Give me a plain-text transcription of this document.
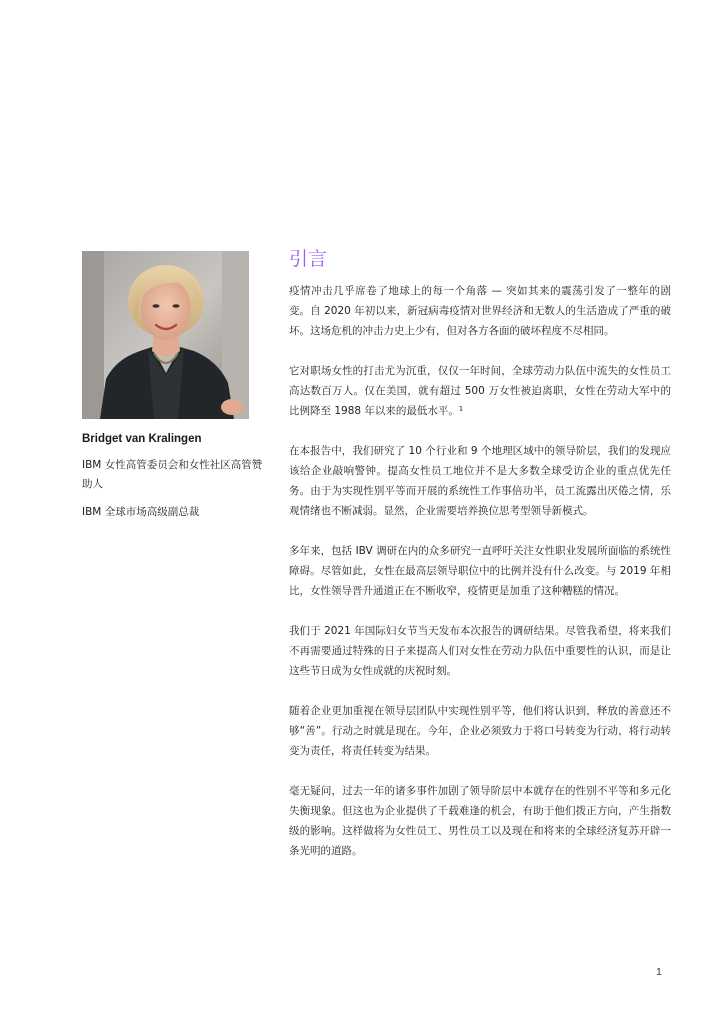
Bridget van Kralingen
IBM 女性高管委员会和女性社区高管赞助人
IBM 全球市场高级副总裁
引言

疫情冲击几乎席卷了地球上的每一个角落 — 突如其来的震荡引发了一整年的剧变。自 2020 年初以来，新冠病毒疫情对世界经济和无数人的生活造成了严重的破坏。这场危机的冲击力史上少有，但对各方各面的破坏程度不尽相同。

它对职场女性的打击尤为沉重，仅仅一年时间，全球劳动力队伍中流失的女性员工高达数百万人。仅在美国，就有超过 500 万女性被迫离职，女性在劳动大军中的比例降至 1988 年以来的最低水平。¹

在本报告中，我们研究了 10 个行业和 9 个地理区域中的领导阶层，我们的发现应该给企业敲响警钟。提高女性员工地位并不是大多数全球受访企业的重点优先任务。由于为实现性别平等而开展的系统性工作事倍功半，员工流露出厌倦之情，乐观情绪也不断减弱。显然，企业需要培养换位思考型领导新模式。

多年来，包括 IBV 调研在内的众多研究一直呼吁关注女性职业发展所面临的系统性障碍。尽管如此，女性在最高层领导职位中的比例并没有什么改变。与 2019 年相比，女性领导晋升通道正在不断收窄，疫情更是加重了这种糟糕的情况。

我们于 2021 年国际妇女节当天发布本次报告的调研结果。尽管我希望，将来我们不再需要通过特殊的日子来提高人们对女性在劳动力队伍中重要性的认识，而是让这些节日成为女性成就的庆祝时刻。

随着企业更加重视在领导层团队中实现性别平等，他们将认识到，释放的善意还不够“善”。行动之时就是现在。今年，企业必须致力于将口号转变为行动，将行动转变为责任，将责任转变为结果。

毫无疑问，过去一年的诸多事件加剧了领导阶层中本就存在的性别不平等和多元化失衡现象。但这也为企业提供了千载难逢的机会，有助于他们拨正方向，产生指数级的影响。这样做将为女性员工、男性员工以及现在和将来的全球经济复苏开辟一条光明的道路。

1
